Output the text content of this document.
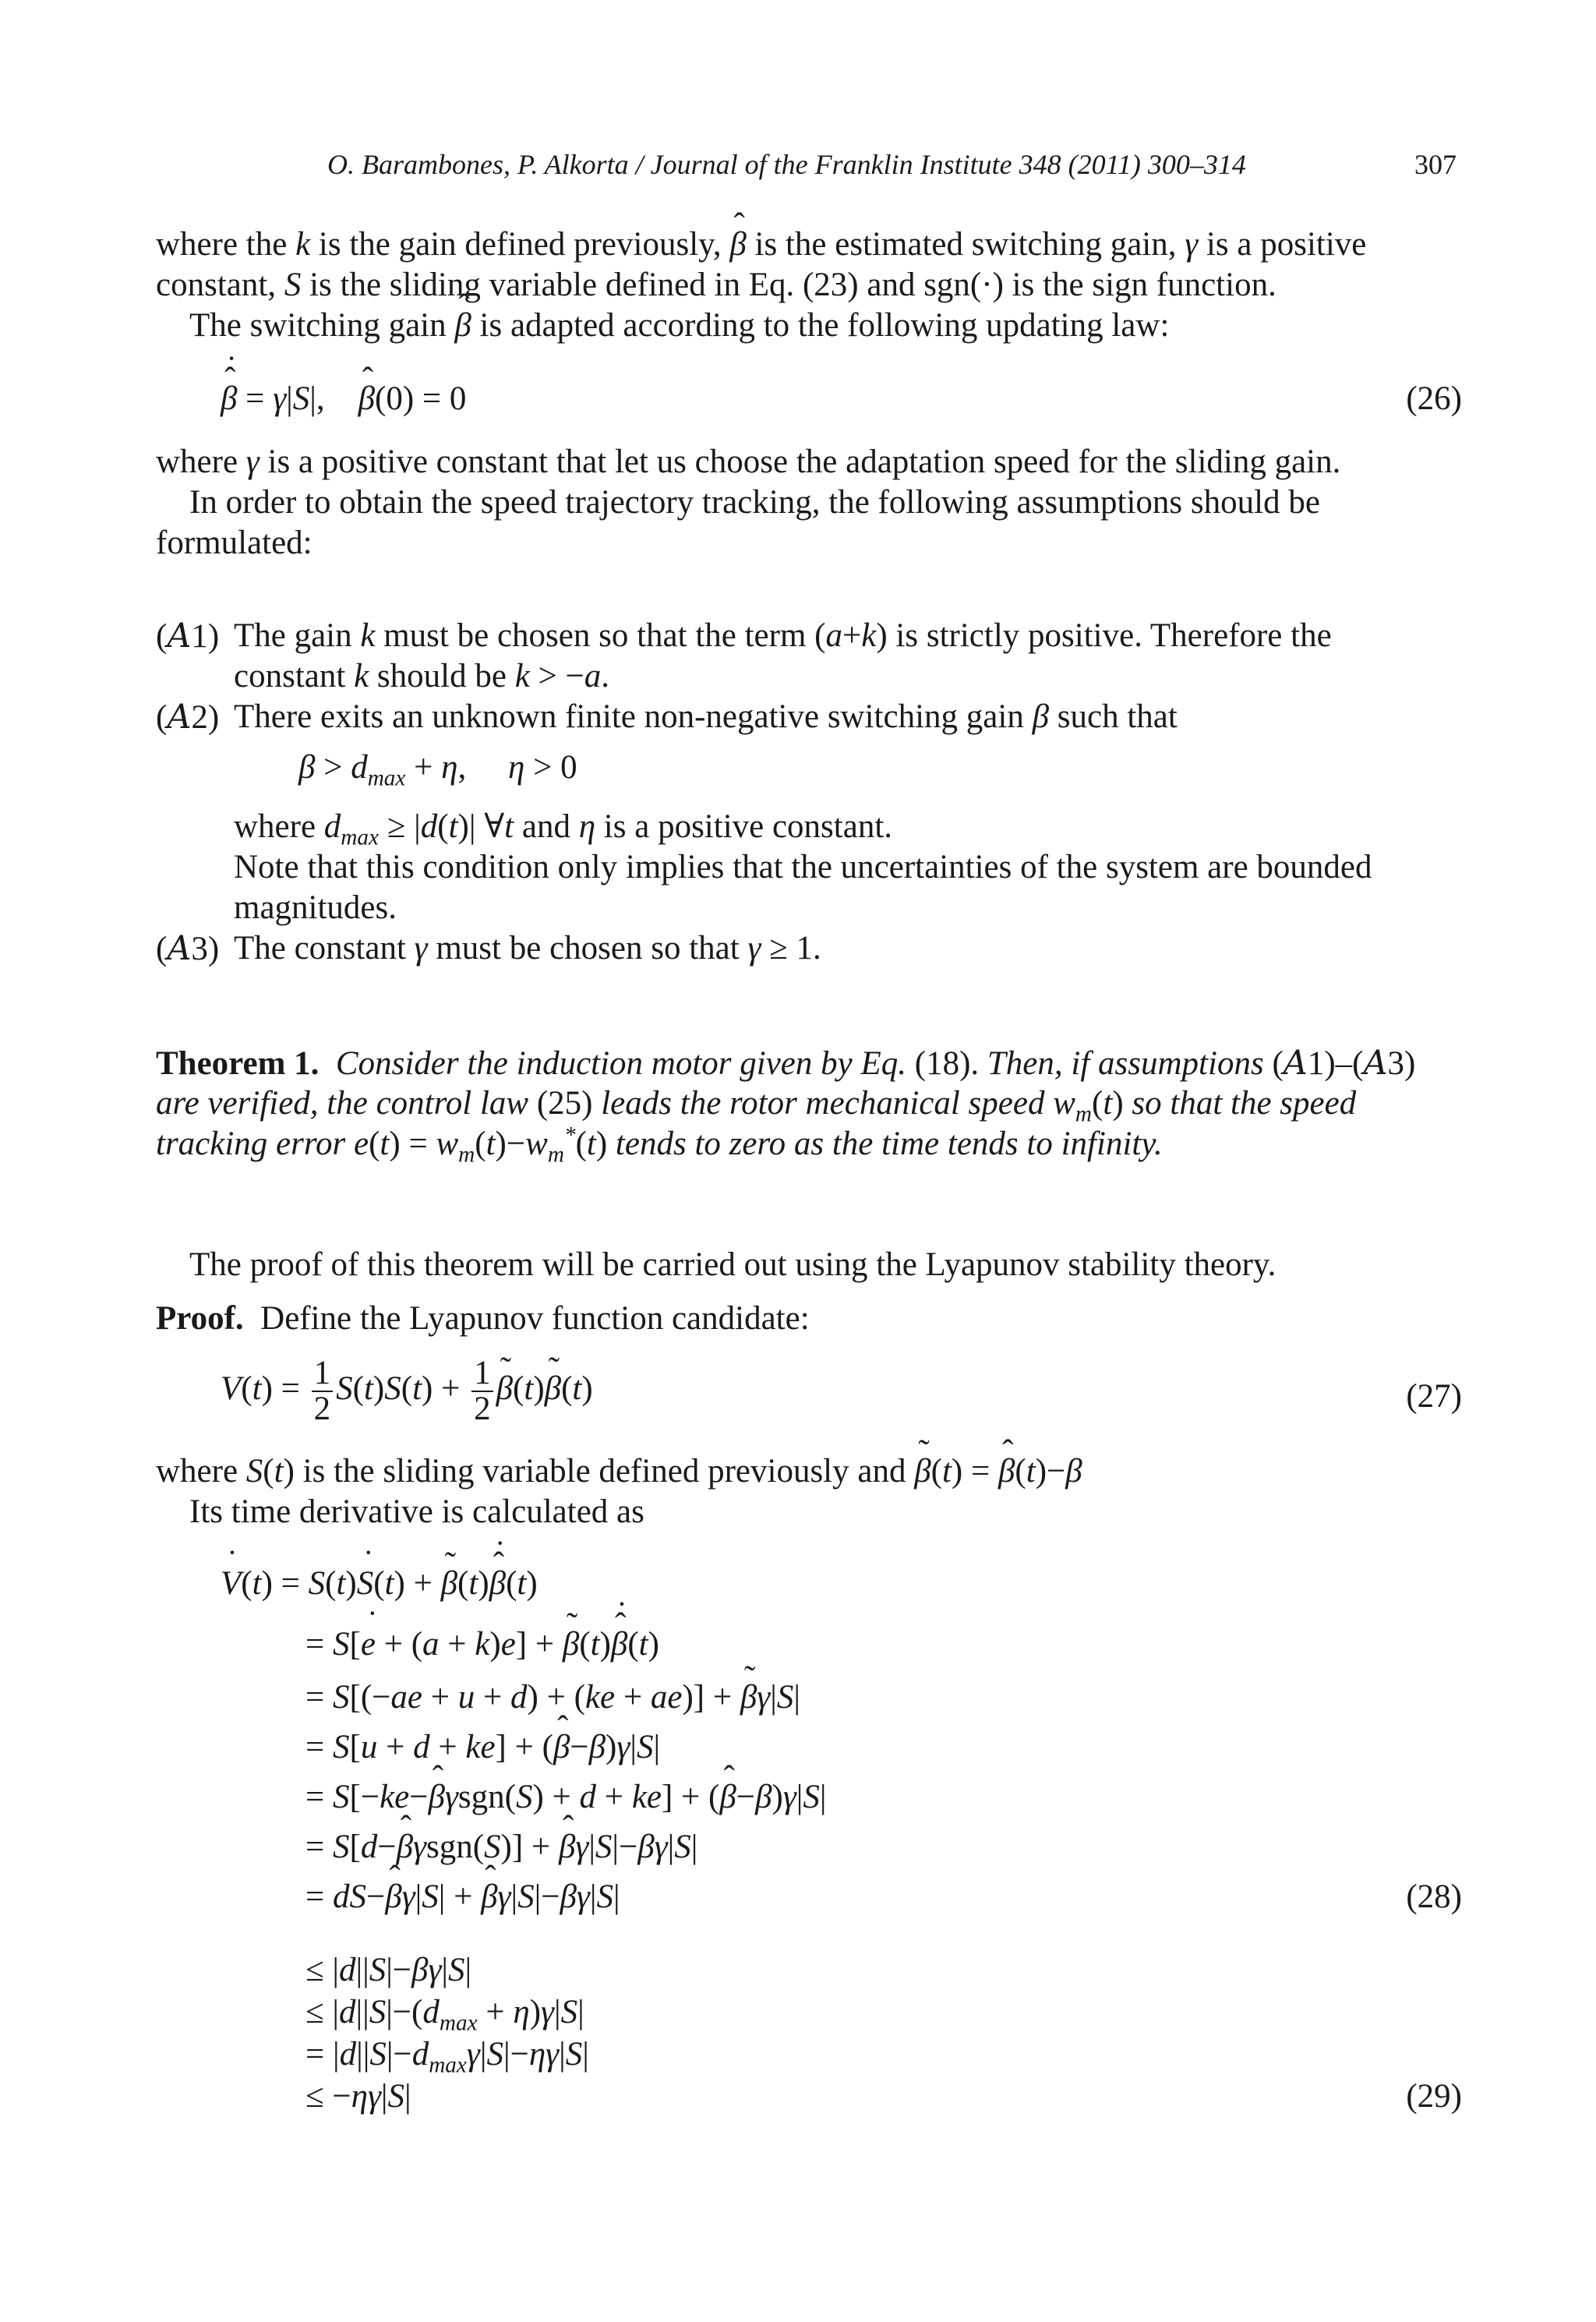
O. Barambones, P. Alkorta / Journal of the Franklin Institute 348 (2011) 300–314	307
where the k is the gain defined previously, ˆ β is the estimated switching gain, γ is a positive
constant, S is the sliding variable defined in Eq. (23) and sgn(·) is the sign function.
The switching gain ˆ β is adapted according to the following updating law:
ˆ β ˙ = γ|S|,    ˆ β(0) = 0	(26)
where γ is a positive constant that let us choose the adaptation speed for the sliding gain.
In order to obtain the speed trajectory tracking, the following assumptions should be
formulated:
(A1) The gain k must be chosen so that the term (a+k) is strictly positive. Therefore the
constant k should be k > −a.
(A2) There exits an unknown finite non-negative switching gain β such that
$\beta > d_{max} + \eta$,     η > 0
where $d_{max} \ge |d(t)|$ ∀t and η is a positive constant.
Note that this condition only implies that the uncertainties of the system are bounded
magnitudes.
(A3) The constant γ must be chosen so that γ ≥ 1.
Theorem 1. Consider the induction motor given by Eq. (18). Then, if assumptions (A1)–(A3)
are verified, the control law (25) leads the rotor mechanical speed $w_m(t)$ so that the speed
tracking error $e(t) = w_m(t)-w_m^*(t)$ tends to zero as the time tends to infinity.
The proof of this theorem will be carried out using the Lyapunov stability theory.
Proof. Define the Lyapunov function candidate:
$V(t) = \frac{1}{2} S(t)S(t) + \frac{1}{2}$ ˜ β(t)˜ β(t)	(27)
where S(t) is the sliding variable defined previously and ˜ β(t) = ˆ β(t)−β
Its time derivative is calculated as
˙ V(t) = S(t)˙ S(t) + ˜ β(t)ˆ β ˙(t)
= S[˙ e + (a + k)e] + ˜ β(t)ˆ β ˙(t)
= S[(−ae + u + d) + (ke + ae)] + ˜ βγ|S|
= S[u + d + ke] + (ˆ β−β)γ|S|
= S[−ke−ˆ βγsgn(S) + d + ke] + (ˆ β−β)γ|S|
= S[d−ˆ βγsgn(S)] + ˆ βγ|S|−βγ|S|
= dS−ˆ βγ|S| + ˆ βγ|S|−βγ|S|	(28)
≤ |d||S|−βγ|S|
≤ $|d||S|-(d_{max} + \eta)\gamma|S|$
= $|d||S|-d_{max}\gamma|S|-\eta\gamma|S|$
≤ −ηγ|S|	(29)
